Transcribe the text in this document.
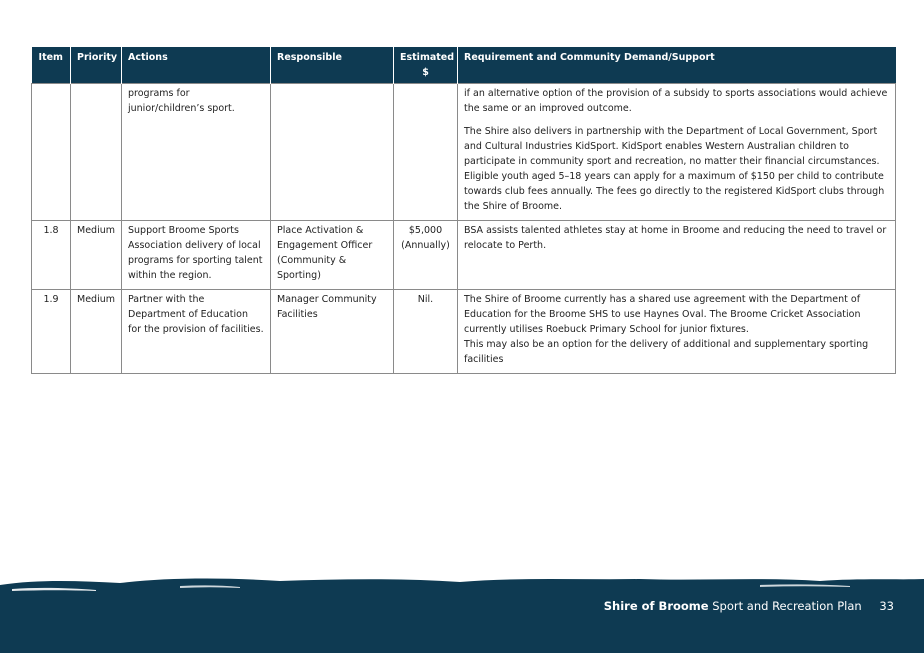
Item	Priority	Actions	Responsible	Estimated $	Requirement and Community Demand/Support
		programs for junior/children’s sport.			if an alternative option of the provision of a subsidy to sports associations would achieve the same or an improved outcome.

The Shire also delivers in partnership with the Department of Local Government, Sport and Cultural Industries KidSport. KidSport enables Western Australian children to participate in community sport and recreation, no matter their financial circumstances. Eligible youth aged 5–18 years can apply for a maximum of $150 per child to contribute towards club fees annually. The fees go directly to the registered KidSport clubs through the Shire of Broome.

1.8	Medium	Support Broome Sports Association delivery of local programs for sporting talent within the region.	Place Activation & Engagement Officer (Community & Sporting)	$5,000 (Annually)	BSA assists talented athletes stay at home in Broome and reducing the need to travel or relocate to Perth.

1.9	Medium	Partner with the Department of Education for the provision of facilities.	Manager Community Facilities	Nil.	The Shire of Broome currently has a shared use agreement with the Department of Education for the Broome SHS to use Haynes Oval. The Broome Cricket Association currently utilises Roebuck Primary School for junior fixtures.
This may also be an option for the delivery of additional and supplementary sporting facilities

Shire of Broome Sport and Recreation Plan 33
